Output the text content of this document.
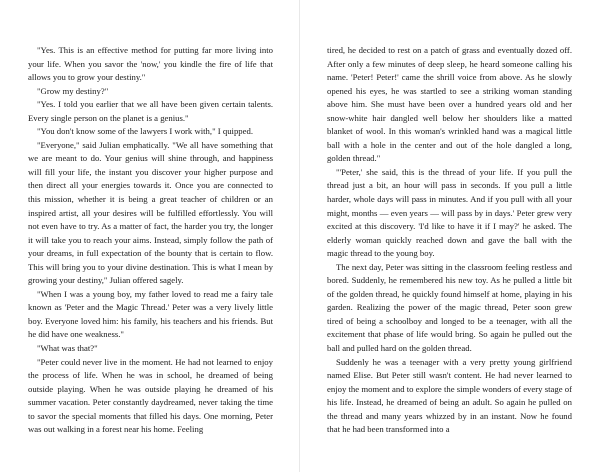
"Yes. This is an effective method for putting far more living into your life. When you savor the 'now,' you kindle the fire of life that allows you to grow your destiny."

"Grow my destiny?"

"Yes. I told you earlier that we all have been given certain talents. Every single person on the planet is a genius."

"You don't know some of the lawyers I work with," I quipped.

"Everyone," said Julian emphatically. "We all have something that we are meant to do. Your genius will shine through, and happiness will fill your life, the instant you discover your higher purpose and then direct all your energies towards it. Once you are connected to this mission, whether it is being a great teacher of children or an inspired artist, all your desires will be fulfilled effortlessly. You will not even have to try. As a matter of fact, the harder you try, the longer it will take you to reach your aims. Instead, simply follow the path of your dreams, in full expectation of the bounty that is certain to flow. This will bring you to your divine destination. This is what I mean by growing your destiny," Julian offered sagely.

"When I was a young boy, my father loved to read me a fairy tale known as 'Peter and the Magic Thread.' Peter was a very lively little boy. Everyone loved him: his family, his teachers and his friends. But he did have one weakness."

"What was that?"

"Peter could never live in the moment. He had not learned to enjoy the process of life. When he was in school, he dreamed of being outside playing. When he was outside playing he dreamed of his summer vacation. Peter constantly daydreamed, never taking the time to savor the special moments that filled his days. One morning, Peter was out walking in a forest near his home. Feeling

tired, he decided to rest on a patch of grass and eventually dozed off. After only a few minutes of deep sleep, he heard someone calling his name. 'Peter! Peter!' came the shrill voice from above. As he slowly opened his eyes, he was startled to see a striking woman standing above him. She must have been over a hundred years old and her snow-white hair dangled well below her shoulders like a matted blanket of wool. In this woman's wrinkled hand was a magical little ball with a hole in the center and out of the hole dangled a long, golden thread."

"'Peter,' she said, this is the thread of your life. If you pull the thread just a bit, an hour will pass in seconds. If you pull a little harder, whole days will pass in minutes. And if you pull with all your might, months — even years — will pass by in days.' Peter grew very excited at this discovery. 'I'd like to have it if I may?' he asked. The elderly woman quickly reached down and gave the ball with the magic thread to the young boy.

The next day, Peter was sitting in the classroom feeling restless and bored. Suddenly, he remembered his new toy. As he pulled a little bit of the golden thread, he quickly found himself at home, playing in his garden. Realizing the power of the magic thread, Peter soon grew tired of being a schoolboy and longed to be a teenager, with all the excitement that phase of life would bring. So again he pulled out the ball and pulled hard on the golden thread.

Suddenly he was a teenager with a very pretty young girlfriend named Elise. But Peter still wasn't content. He had never learned to enjoy the moment and to explore the simple wonders of every stage of his life. Instead, he dreamed of being an adult. So again he pulled on the thread and many years whizzed by in an instant. Now he found that he had been transformed into a
